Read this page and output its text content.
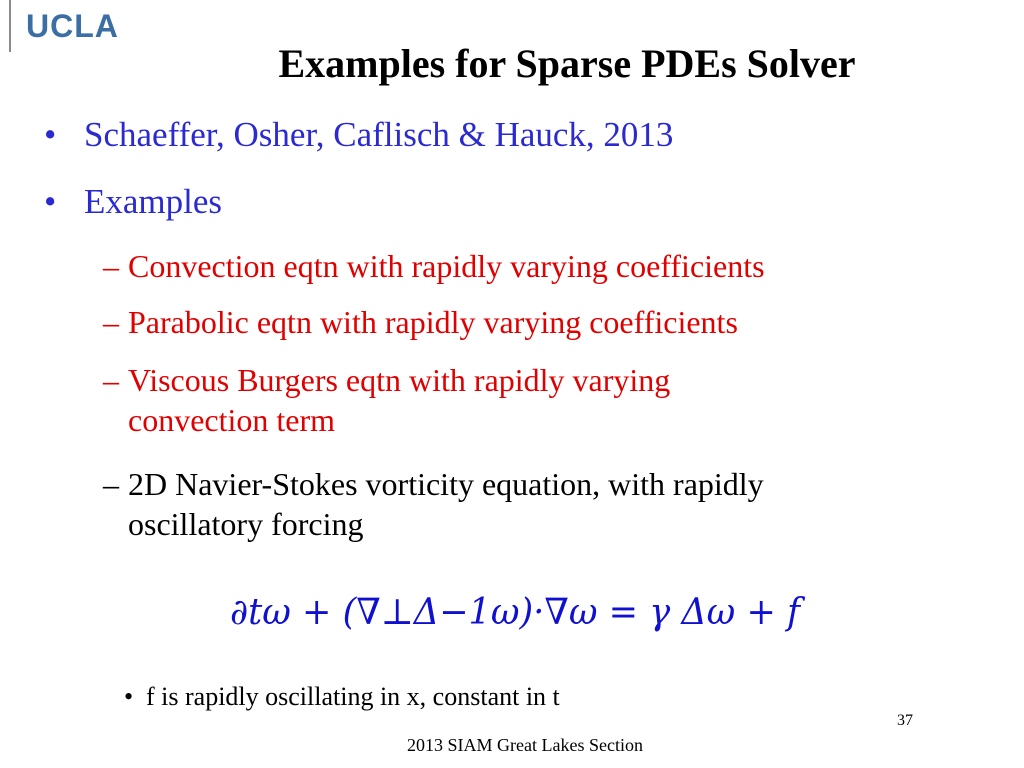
UCLA
Examples for Sparse PDEs Solver
• Schaeffer, Osher, Caflisch & Hauck, 2013
• Examples
– Convection eqtn with rapidly varying coefficients
– Parabolic eqtn with rapidly varying coefficients
– Viscous Burgers eqtn with rapidly varying
convection term
– 2D Navier-Stokes vorticity equation, with rapidly
oscillatory forcing
∂tω + (∇⊥Δ−1ω)·∇ω = γ Δω + f
• f is rapidly oscillating in x, constant in t
37
2013 SIAM Great Lakes Section
